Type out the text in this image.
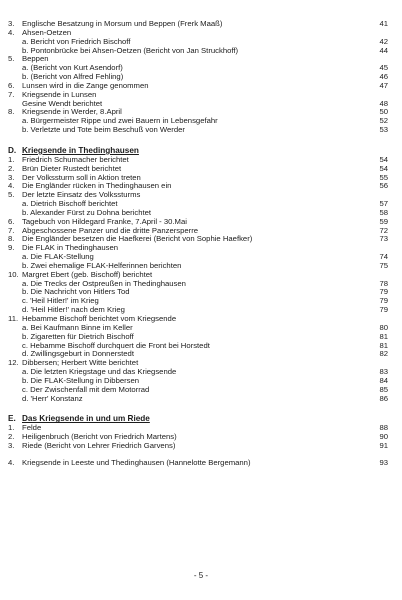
3. Englische Besatzung in Morsum und Beppen (Frerk Maaß)	41
4. Ahsen-Oetzen
a. Bericht von Friedrich Bischoff	42
b. Pontonbrücke bei Ahsen-Oetzen (Bericht von Jan Struckhoff)	44
5. Beppen
a. (Bericht von Kurt Asendorf)	45
b. (Bericht von Alfred Fehling)	46
6. Lunsen wird in die Zange genommen	47
7. Kriegsende in Lunsen
Gesine Wendt berichtet	48
8. Kriegsende in Werder, 8.April	50
a. Bürgermeister Rippe und zwei Bauern in Lebensgefahr	52
b. Verletzte und Tote beim Beschuß von Werder	53
D. Kriegsende in Thedinghausen
1. Friedrich Schumacher berichtet	54
2. Brün Dieter Rustedt berichtet	54
3. Der Volkssturm soll in Aktion treten	55
4. Die Engländer rücken in Thedinghausen ein	56
5. Der letzte Einsatz des Volkssturms
a. Dietrich Bischoff berichtet	57
b. Alexander Fürst zu Dohna berichtet	58
6. Tagebuch von Hildegard Franke, 7.April - 30.Mai	59
7. Abgeschossene Panzer und die dritte Panzersperre	72
8. Die Engländer besetzen die Haefkerei (Bericht von Sophie Haefker)	73
9. Die FLAK in Thedinghausen
a. Die FLAK-Stellung	74
b. Zwei ehemalige FLAK-Helferinnen berichten	75
10. Margret Ebert (geb. Bischoff) berichtet
a. Die Trecks der Ostpreußen in Thedinghausen	78
b. Die Nachricht von Hitlers Tod	79
c. 'Heil Hitler!' im Krieg	79
d. 'Heil Hitler!' nach dem Krieg	79
11. Hebamme Bischoff berichtet vom Kriegsende
a. Bei Kaufmann Binne im Keller	80
b. Zigaretten für Dietrich Bischoff	81
c. Hebamme Bischoff durchquert die Front bei Horstedt	81
d. Zwillingsgeburt in Donnerstedt	82
12. Dibbersen; Herbert Witte berichtet
a. Die letzten Kriegstage und das Kriegsende	83
b. Die FLAK-Stellung in Dibbersen	84
c. Der Zwischenfall mit dem Motorrad	85
d. 'Herr' Konstanz	86
E. Das Kriegsende in und um Riede
1. Felde	88
2. Heiligenbruch (Bericht von Friedrich Martens)	90
3. Riede (Bericht von Lehrer Friedrich Garvens)	91
4. Kriegsende in Leeste und Thedinghausen (Hannelotte Bergemann)	93
- 5 -
